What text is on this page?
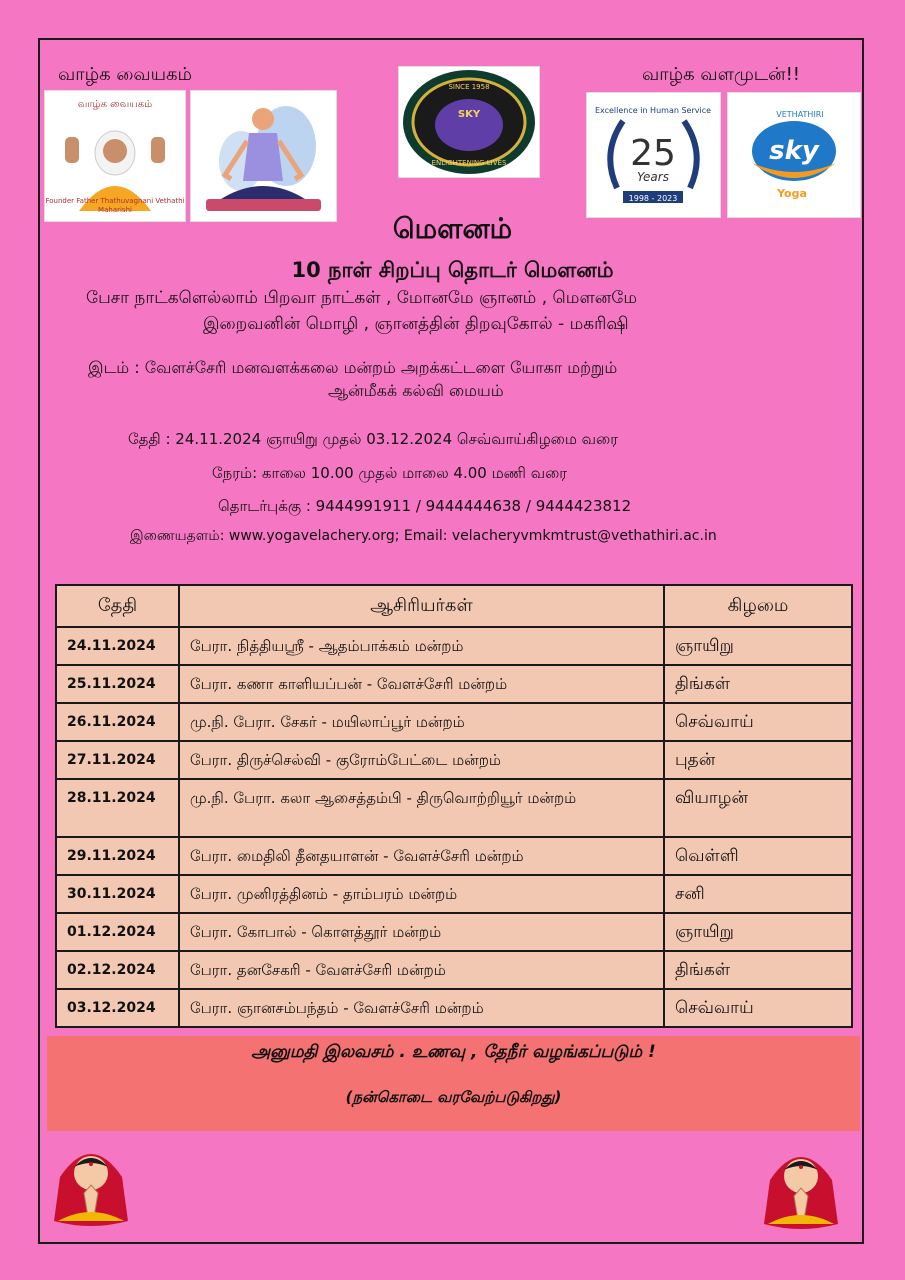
வாழ்க வையகம்	வாழ்க வளமுடன்!!
வாழ்க வையகம்
Founder Father Thathuvagnani Vethathi Maharishi
SINCE 1958
SKY
ENLIGHTENING LIVES
Excellence in Human Service
25
Years
1998 - 2023
VETHATHIRI
sky
Yoga
மௌனம்
10 நாள் சிறப்பு தொடர் மௌனம்
பேசா நாட்களெல்லாம் பிறவா நாட்கள் , மோனமே ஞானம் , மௌனமே
இறைவனின் மொழி , ஞானத்தின் திறவுகோல் - மகரிஷி
இடம் : வேளச்சேரி மனவளக்கலை மன்றம் அறக்கட்டளை யோகா மற்றும்
ஆன்மீகக் கல்வி மையம்
தேதி : 24.11.2024 ஞாயிறு முதல் 03.12.2024 செவ்வாய்கிழமை வரை
நேரம்: காலை 10.00 முதல் மாலை 4.00 மணி வரை
தொடர்புக்கு : 9444991911 / 9444444638 / 9444423812
இணையதளம்: www.yogavelachery.org; Email: velacheryvmkmtrust@vethathiri.ac.in
தேதி	ஆசிரியர்கள்	கிழமை
24.11.2024	பேரா. நித்தியஸ்ரீ - ஆதம்பாக்கம் மன்றம்	ஞாயிறு
25.11.2024	பேரா. கணா காளியப்பன் - வேளச்சேரி மன்றம்	திங்கள்
26.11.2024	மு.நி. பேரா. சேகர் - மயிலாப்பூர் மன்றம்	செவ்வாய்
27.11.2024	பேரா. திருச்செல்வி - குரோம்பேட்டை மன்றம்	புதன்
28.11.2024	மு.நி. பேரா. கலா ஆசைத்தம்பி - திருவொற்றியூர் மன்றம்	வியாழன்
29.11.2024	பேரா. மைதிலி தீனதயாளன் - வேளச்சேரி மன்றம்	வெள்ளி
30.11.2024	பேரா. முனிரத்தினம் - தாம்பரம் மன்றம்	சனி
01.12.2024	பேரா. கோபால் - கொளத்தூர் மன்றம்	ஞாயிறு
02.12.2024	பேரா. தனசேகரி - வேளச்சேரி மன்றம்	திங்கள்
03.12.2024	பேரா. ஞானசம்பந்தம் - வேளச்சேரி மன்றம்	செவ்வாய்
அனுமதி இலவசம் . உணவு , தேநீர் வழங்கப்படும் !
(நன்கொடை வரவேற்படுகிறது)
